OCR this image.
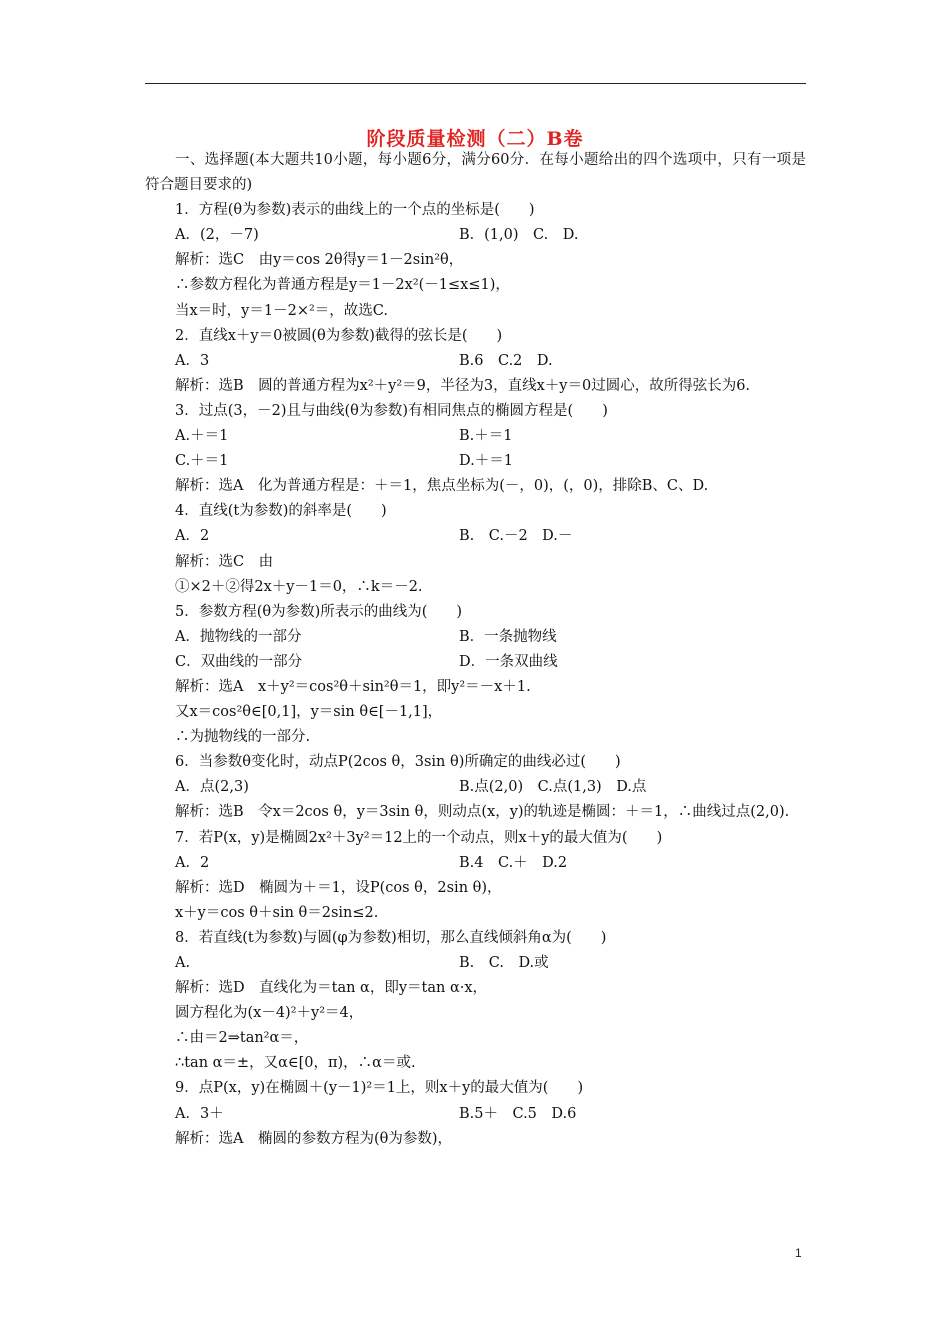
阶段质量检测（二）B卷
一、选择题(本大题共10小题，每小题6分，满分60分．在每小题给出的四个选项中，只有一项是符合题目要求的)
1．方程(θ为参数)表示的曲线上的一个点的坐标是(　　)
A．(2，－7)	B．(1,0)　C.　D.
解析：选C　由y＝cos 2θ得y＝1－2sin²θ，
∴参数方程化为普通方程是y＝1－2x²(－1≤x≤1)，
当x＝时，y＝1－2×²＝，故选C.
2．直线x＋y＝0被圆(θ为参数)截得的弦长是(　　)
A．3	B.6　C.2　D.
解析：选B　圆的普通方程为x²＋y²＝9，半径为3，直线x＋y＝0过圆心，故所得弦长为6.
3．过点(3，－2)且与曲线(θ为参数)有相同焦点的椭圆方程是(　　)
A.＋＝1	B.＋＝1
C.＋＝1	D.＋＝1
解析：选A　化为普通方程是：＋＝1，焦点坐标为(－，0)，(，0)，排除B、C、D.
4．直线(t为参数)的斜率是(　　)
A．2	B.　C.－2　D.－
解析：选C　由
①×2＋②得2x＋y－1＝0，∴k＝－2.
5．参数方程(θ为参数)所表示的曲线为(　　)
A．抛物线的一部分	B．一条抛物线
C．双曲线的一部分	D．一条双曲线
解析：选A　x＋y²＝cos²θ＋sin²θ＝1，即y²＝－x＋1.
又x＝cos²θ∈[0,1]，y＝sin θ∈[－1,1]，
∴为抛物线的一部分.
6．当参数θ变化时，动点P(2cos θ，3sin θ)所确定的曲线必过(　　)
A．点(2,3)	B.点(2,0)　C.点(1,3)　D.点
解析：选B　令x＝2cos θ，y＝3sin θ，则动点(x，y)的轨迹是椭圆：＋＝1，∴曲线过点(2,0).
7．若P(x，y)是椭圆2x²＋3y²＝12上的一个动点，则x＋y的最大值为(　　)
A．2	B.4　C.＋　D.2
解析：选D　椭圆为＋＝1，设P(cos θ，2sin θ)，
x＋y＝cos θ＋sin θ＝2sin≤2.
8．若直线(t为参数)与圆(φ为参数)相切，那么直线倾斜角α为(　　)
A.	B.　C.　D.或
解析：选D　直线化为＝tan α，即y＝tan α·x，
圆方程化为(x－4)²＋y²＝4，
∴由＝2⇒tan²α＝，
∴tan α＝±，又α∈[0，π)，∴α＝或.
9．点P(x，y)在椭圆＋(y－1)²＝1上，则x＋y的最大值为(　　)
A．3＋	B.5＋　C.5　D.6
解析：选A　椭圆的参数方程为(θ为参数)，
1
